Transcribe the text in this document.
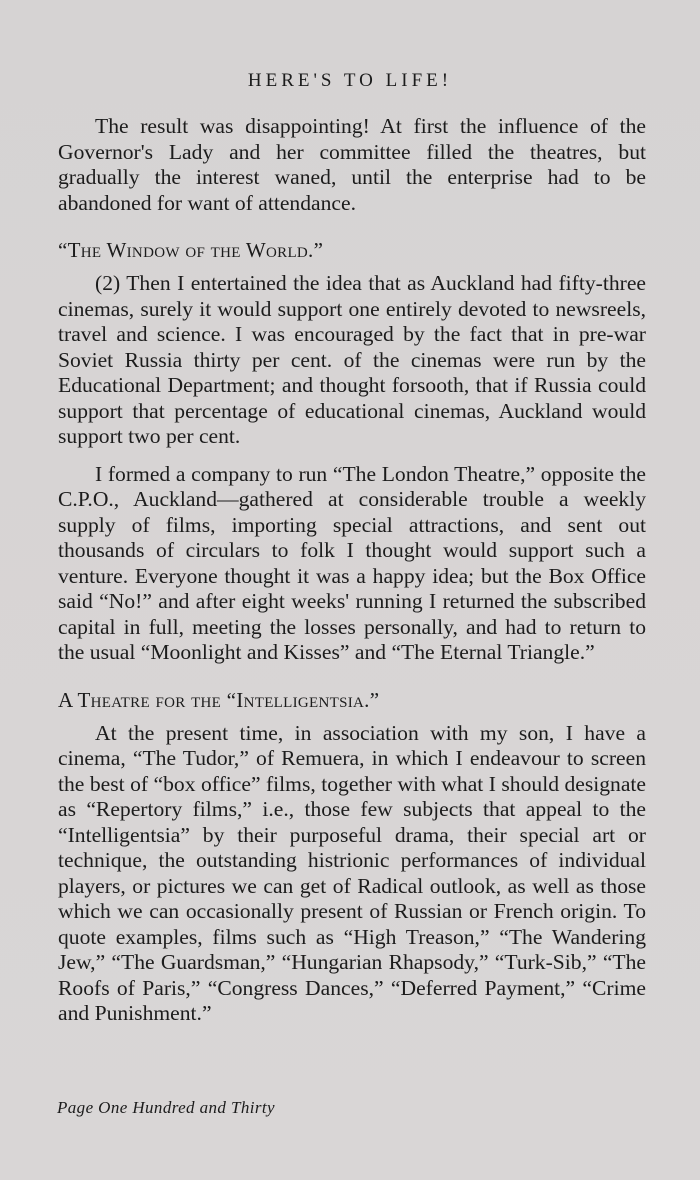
HERE'S TO LIFE!

The result was disappointing! At first the influence of the Governor's Lady and her committee filled the theatres, but gradually the interest waned, until the enterprise had to be abandoned for want of attendance.

“The Window of the World.”

(2) Then I entertained the idea that as Auckland had fifty-three cinemas, surely it would support one entirely devoted to newsreels, travel and science. I was encouraged by the fact that in pre-war Soviet Russia thirty per cent. of the cinemas were run by the Educational Department; and thought forsooth, that if Russia could support that percentage of educational cinemas, Auckland would support two per cent.

I formed a company to run “The London Theatre,” opposite the C.P.O., Auckland—gathered at considerable trouble a weekly supply of films, importing special attractions, and sent out thousands of circulars to folk I thought would support such a venture. Everyone thought it was a happy idea; but the Box Office said “No!” and after eight weeks' running I returned the subscribed capital in full, meeting the losses personally, and had to return to the usual “Moonlight and Kisses” and “The Eternal Triangle.”

A Theatre for the “Intelligentsia.”

At the present time, in association with my son, I have a cinema, “The Tudor,” of Remuera, in which I endeavour to screen the best of “box office” films, together with what I should designate as “Repertory films,” i.e., those few subjects that appeal to the “Intelligentsia” by their purposeful drama, their special art or technique, the outstanding histrionic performances of individual players, or pictures we can get of Radical outlook, as well as those which we can occasionally present of Russian or French origin. To quote examples, films such as “High Treason,” “The Wandering Jew,” “The Guardsman,” “Hungarian Rhapsody,” “Turk-Sib,” “The Roofs of Paris,” “Congress Dances,” “Deferred Payment,” “Crime and Punishment.”

Page One Hundred and Thirty
